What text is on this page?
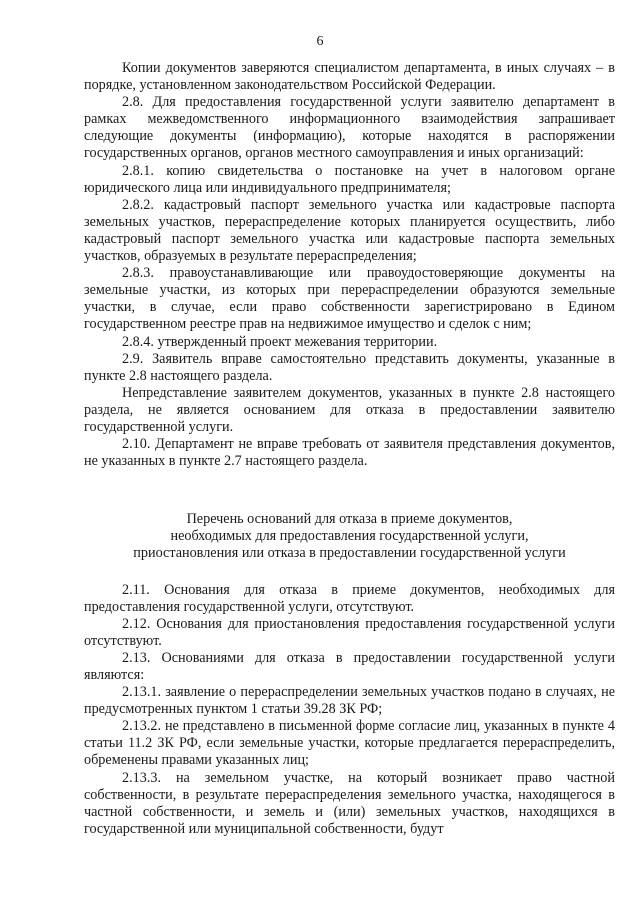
6

Копии документов заверяются специалистом департамента, в иных случаях – в порядке, установленном законодательством Российской Федерации.

2.8. Для предоставления государственной услуги заявителю департамент в рамках межведомственного информационного взаимодействия запрашивает следующие документы (информацию), которые находятся в распоряжении государственных органов, органов местного самоуправления и иных организаций:

2.8.1. копию свидетельства о постановке на учет в налоговом органе юридического лица или индивидуального предпринимателя;

2.8.2. кадастровый паспорт земельного участка или кадастровые паспорта земельных участков, перераспределение которых планируется осуществить, либо кадастровый паспорт земельного участка или кадастровые паспорта земельных участков, образуемых в результате перераспределения;

2.8.3. правоустанавливающие или правоудостоверяющие документы на земельные участки, из которых при перераспределении образуются земельные участки, в случае, если право собственности зарегистрировано в Едином государственном реестре прав на недвижимое имущество и сделок с ним;

2.8.4. утвержденный проект межевания территории.

2.9. Заявитель вправе самостоятельно представить документы, указанные в пункте 2.8 настоящего раздела.

Непредставление заявителем документов, указанных в пункте 2.8 настоящего раздела, не является основанием для отказа в предоставлении заявителю государственной услуги.

2.10. Департамент не вправе требовать от заявителя представления документов, не указанных в пункте 2.7 настоящего раздела.

Перечень оснований для отказа в приеме документов,
необходимых для предоставления государственной услуги,
приостановления или отказа в предоставлении государственной услуги

2.11. Основания для отказа в приеме документов, необходимых для предоставления государственной услуги, отсутствуют.

2.12. Основания для приостановления предоставления государственной услуги отсутствуют.

2.13. Основаниями для отказа в предоставлении государственной услуги являются:

2.13.1. заявление о перераспределении земельных участков подано в случаях, не предусмотренных пунктом 1 статьи 39.28 ЗК РФ;

2.13.2. не представлено в письменной форме согласие лиц, указанных в пункте 4 статьи 11.2 ЗК РФ, если земельные участки, которые предлагается перераспределить, обременены правами указанных лиц;

2.13.3. на земельном участке, на который возникает право частной собственности, в результате перераспределения земельного участка, находящегося в частной собственности, и земель и (или) земельных участков, находящихся в государственной или муниципальной собственности, будут
